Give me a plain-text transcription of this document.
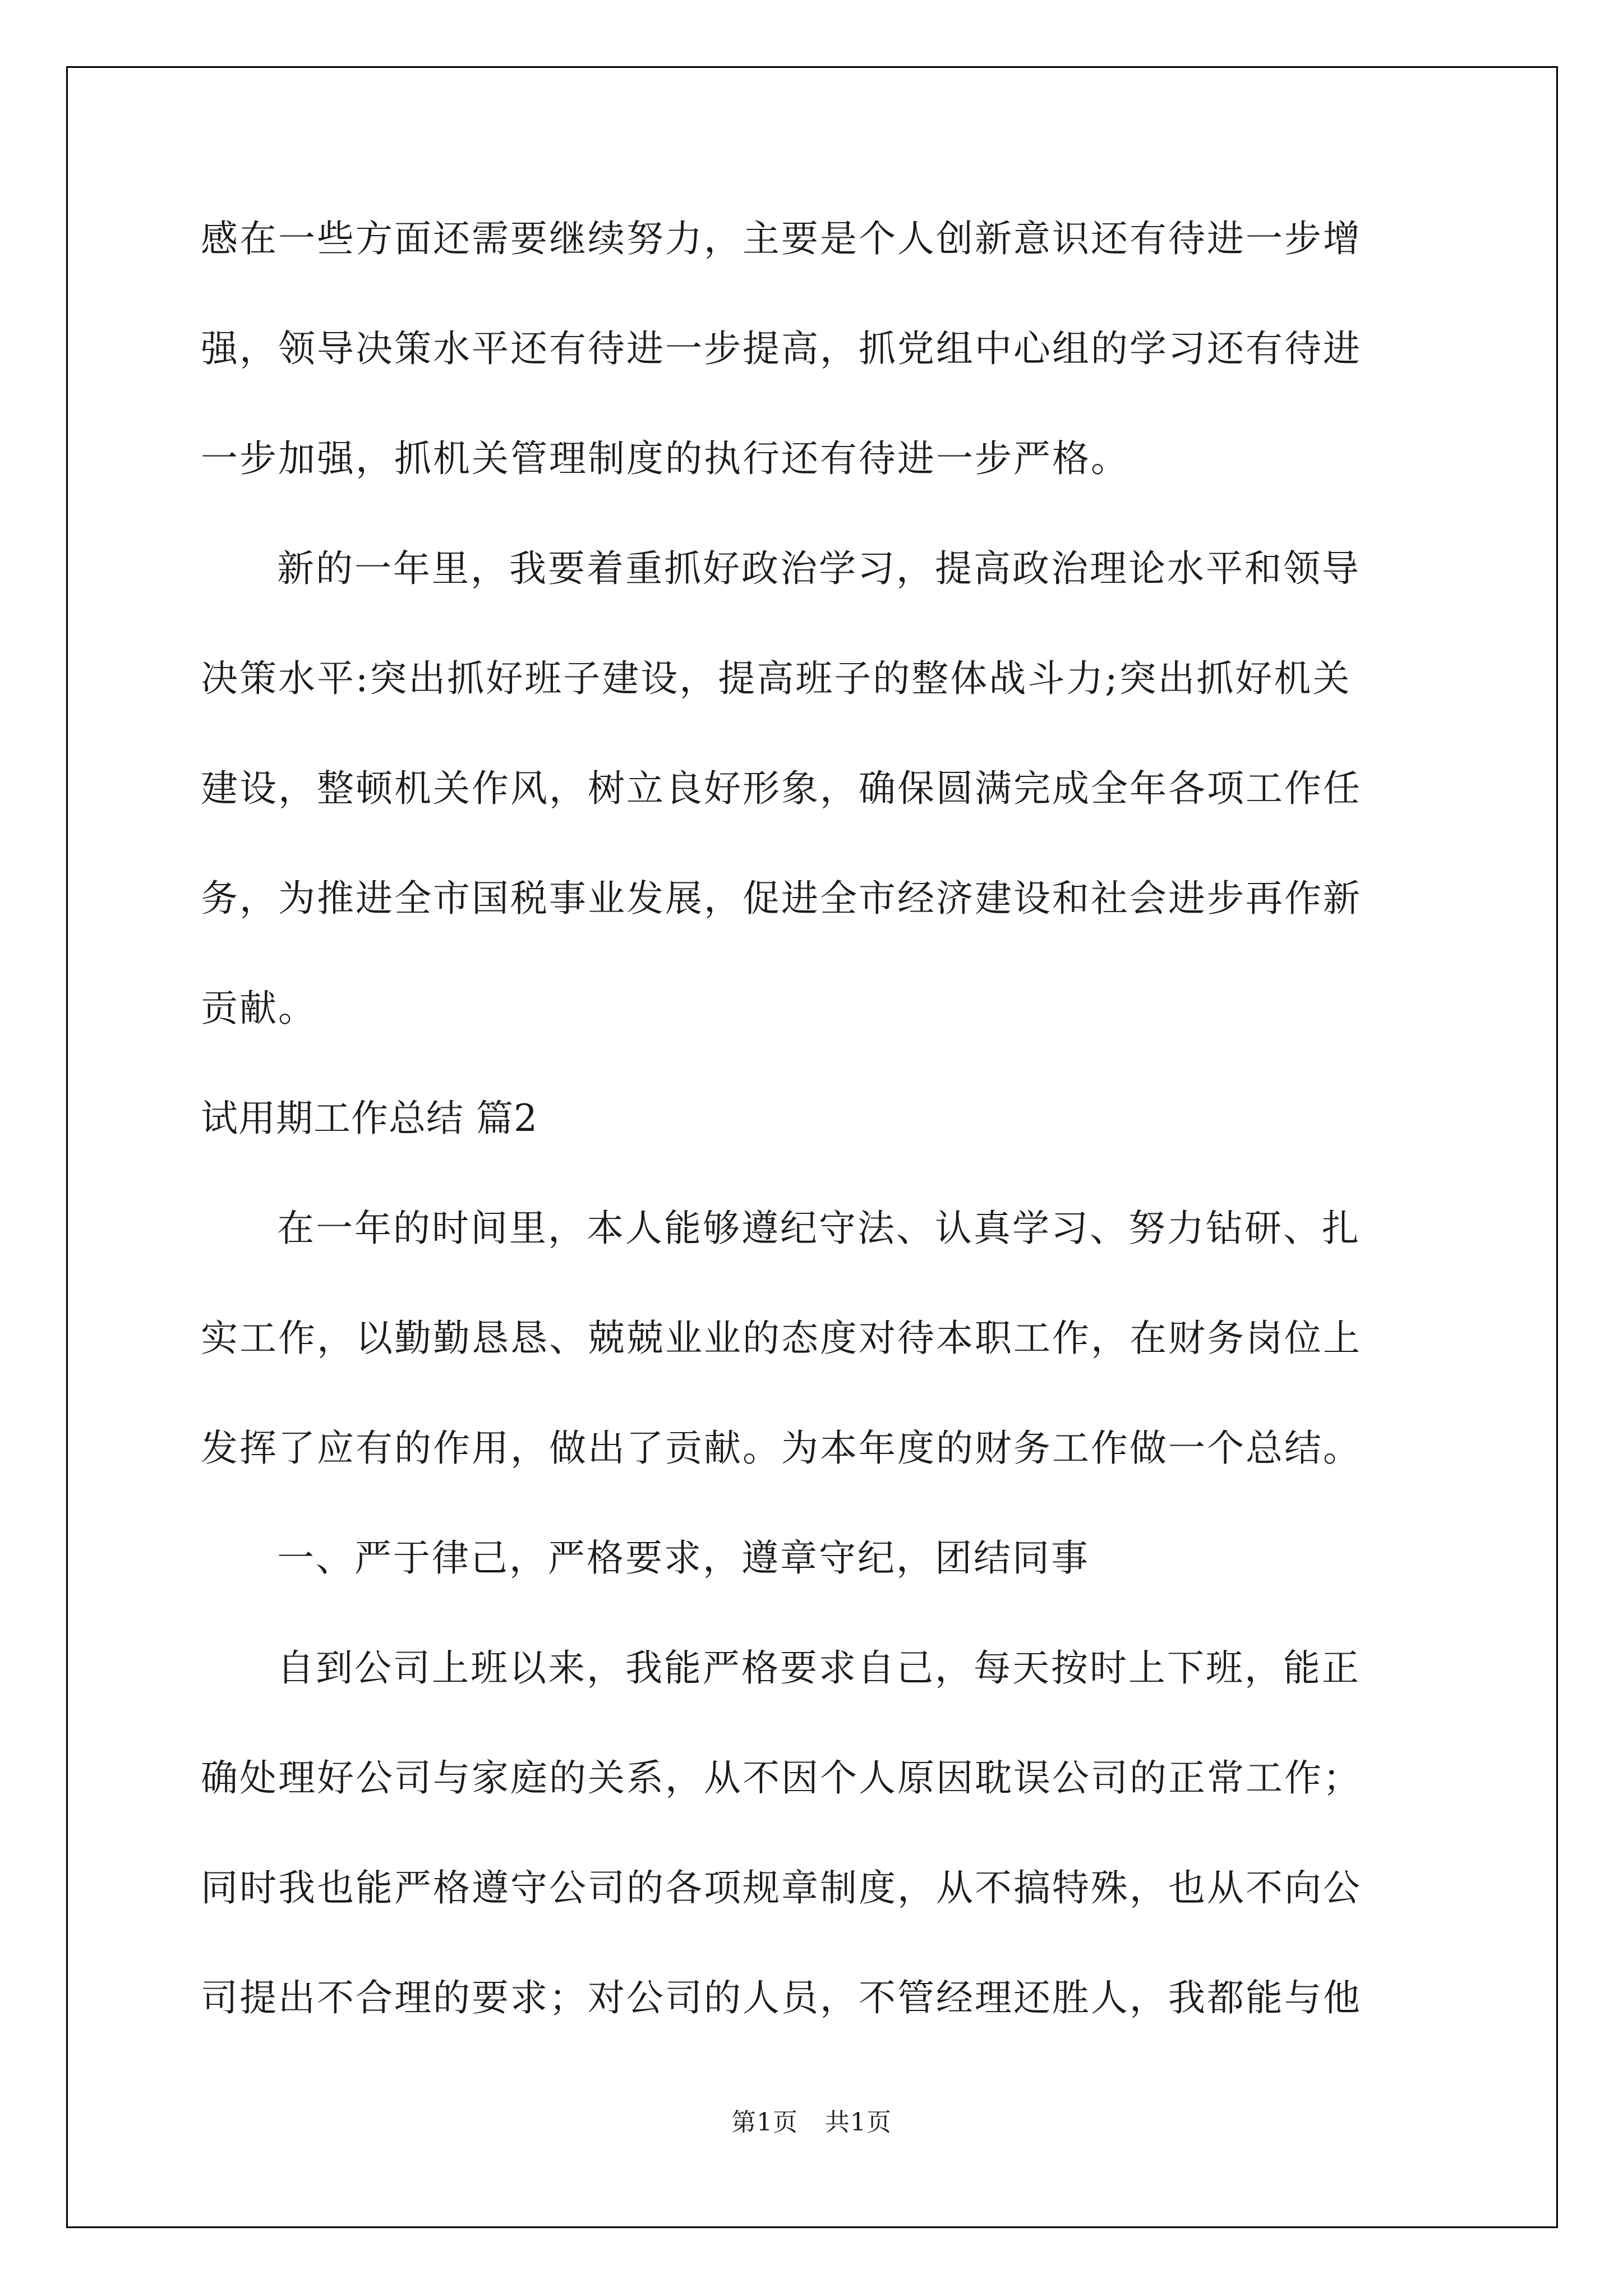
感在一些方面还需要继续努力，主要是个人创新意识还有待进一步增
强，领导决策水平还有待进一步提高，抓党组中心组的学习还有待进
一步加强，抓机关管理制度的执行还有待进一步严格。
新的一年里，我要着重抓好政治学习，提高政治理论水平和领导
决策水平:突出抓好班子建设，提高班子的整体战斗力;突出抓好机关
建设，整顿机关作风，树立良好形象，确保圆满完成全年各项工作任
务，为推进全市国税事业发展，促进全市经济建设和社会进步再作新
贡献。
试用期工作总结 篇2
在一年的时间里，本人能够遵纪守法、认真学习、努力钻研、扎
实工作，以勤勤恳恳、兢兢业业的态度对待本职工作，在财务岗位上
发挥了应有的作用，做出了贡献。为本年度的财务工作做一个总结。
一、严于律己，严格要求，遵章守纪，团结同事
自到公司上班以来，我能严格要求自己，每天按时上下班，能正
确处理好公司与家庭的关系，从不因个人原因耽误公司的正常工作；
同时我也能严格遵守公司的各项规章制度，从不搞特殊，也从不向公
司提出不合理的要求；对公司的人员，不管经理还胜人，我都能与他
第1页 共1页
